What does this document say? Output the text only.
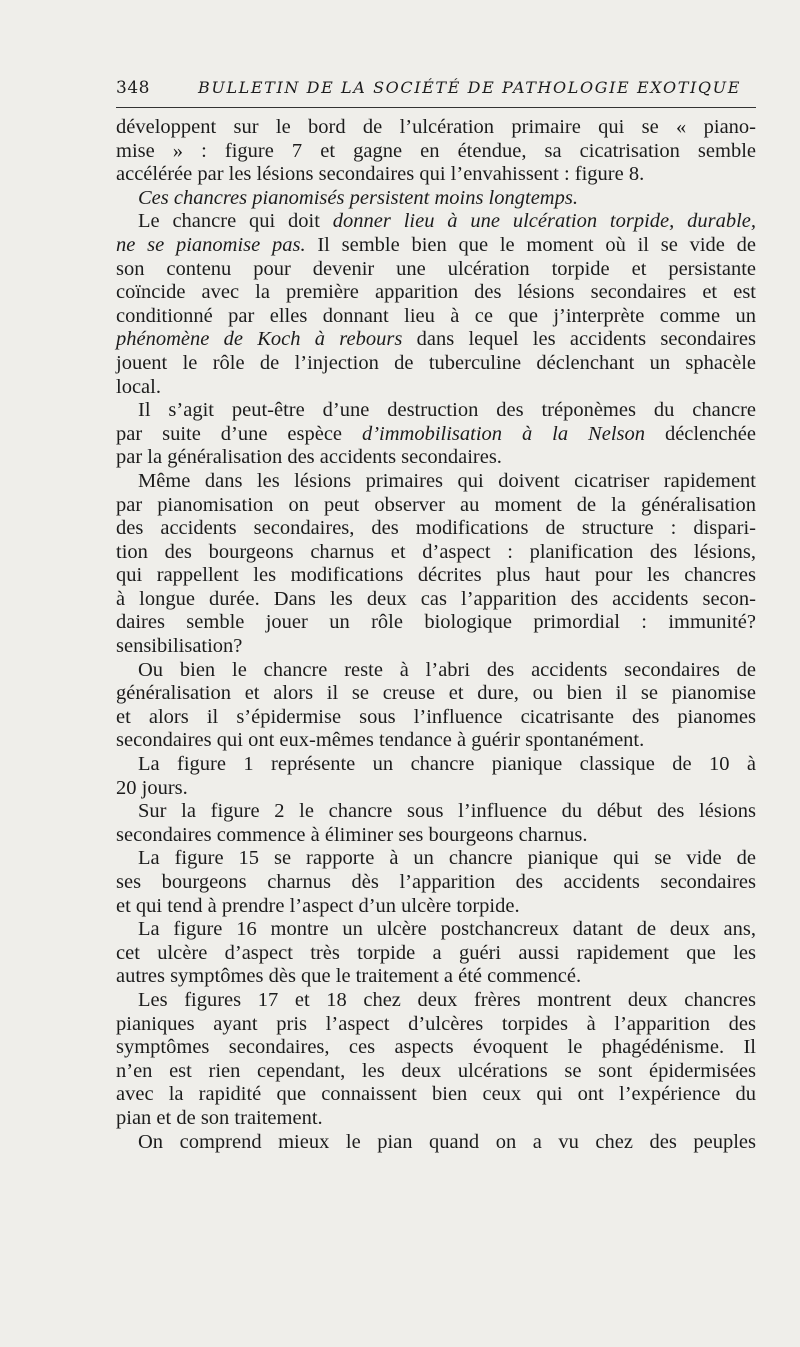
348	BULLETIN DE LA SOCIÉTÉ DE PATHOLOGIE EXOTIQUE
développent sur le bord de l’ulcération primaire qui se « piano-
mise » : figure 7 et gagne en étendue, sa cicatrisation semble
accélérée par les lésions secondaires qui l’envahissent : figure 8.
Ces chancres pianomisés persistent moins longtemps.
Le chancre qui doit donner lieu à une ulcération torpide, durable,
ne se pianomise pas. Il semble bien que le moment où il se vide de
son contenu pour devenir une ulcération torpide et persistante
coïncide avec la première apparition des lésions secondaires et est
conditionné par elles donnant lieu à ce que j’interprète comme un
phénomène de Koch à rebours dans lequel les accidents secondaires
jouent le rôle de l’injection de tuberculine déclenchant un sphacèle
local.
Il s’agit peut-être d’une destruction des tréponèmes du chancre
par suite d’une espèce d’immobilisation à la Nelson déclenchée
par la généralisation des accidents secondaires.
Même dans les lésions primaires qui doivent cicatriser rapidement
par pianomisation on peut observer au moment de la généralisation
des accidents secondaires, des modifications de structure : dispari-
tion des bourgeons charnus et d’aspect : planification des lésions,
qui rappellent les modifications décrites plus haut pour les chancres
à longue durée. Dans les deux cas l’apparition des accidents secon-
daires semble jouer un rôle biologique primordial : immunité?
sensibilisation?
Ou bien le chancre reste à l’abri des accidents secondaires de
généralisation et alors il se creuse et dure, ou bien il se pianomise
et alors il s’épidermise sous l’influence cicatrisante des pianomes
secondaires qui ont eux-mêmes tendance à guérir spontanément.
La figure 1 représente un chancre pianique classique de 10 à
20 jours.
Sur la figure 2 le chancre sous l’influence du début des lésions
secondaires commence à éliminer ses bourgeons charnus.
La figure 15 se rapporte à un chancre pianique qui se vide de
ses bourgeons charnus dès l’apparition des accidents secondaires
et qui tend à prendre l’aspect d’un ulcère torpide.
La figure 16 montre un ulcère postchancreux datant de deux ans,
cet ulcère d’aspect très torpide a guéri aussi rapidement que les
autres symptômes dès que le traitement a été commencé.
Les figures 17 et 18 chez deux frères montrent deux chancres
pianiques ayant pris l’aspect d’ulcères torpides à l’apparition des
symptômes secondaires, ces aspects évoquent le phagédénisme. Il
n’en est rien cependant, les deux ulcérations se sont épidermisées
avec la rapidité que connaissent bien ceux qui ont l’expérience du
pian et de son traitement.
On comprend mieux le pian quand on a vu chez des peuples
